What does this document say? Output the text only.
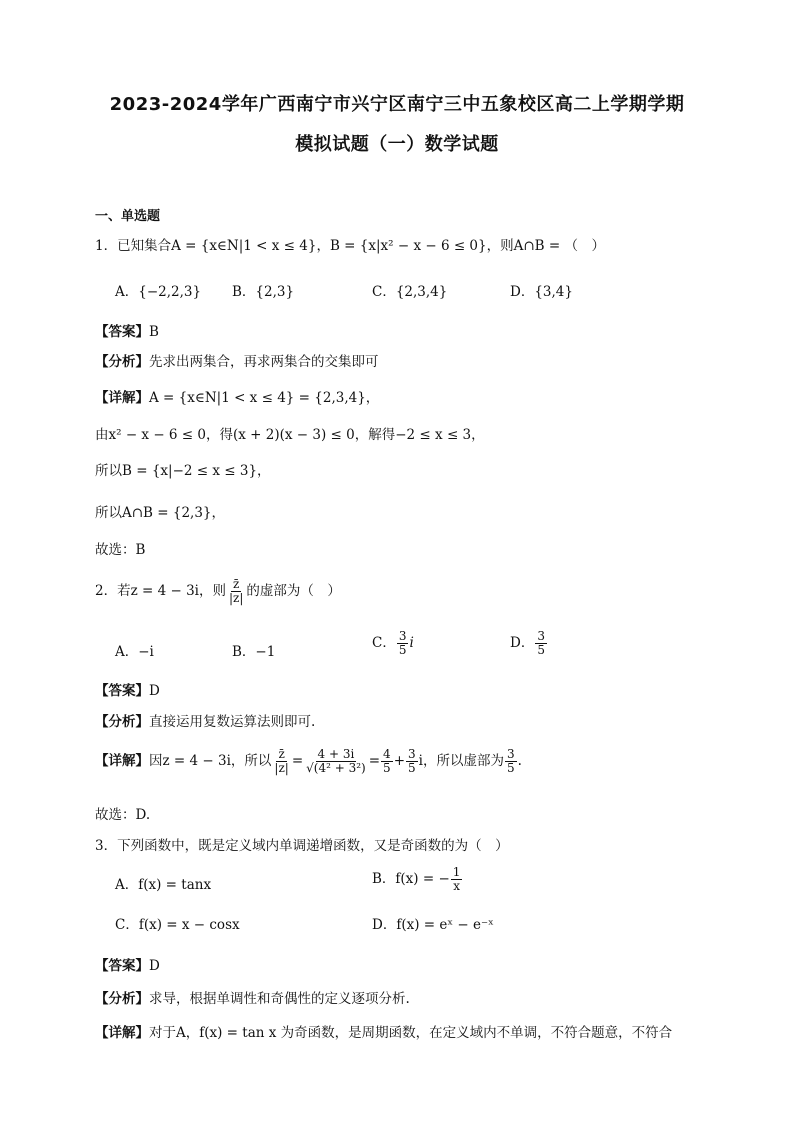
2023-2024学年广西南宁市兴宁区南宁三中五象校区高二上学期学期
模拟试题（一）数学试题
一、单选题
1．已知集合A = {x∈N|1 < x ≤ 4}，B = {x|x² − x − 6 ≤ 0}，则A∩B = （　）
A．{−2,2,3} B．{2,3}	C．{2,3,4}	D．{3,4}
【答案】B
【分析】先求出两集合，再求两集合的交集即可
【详解】A = {x∈N|1 < x ≤ 4} = {2,3,4}，
由x² − x − 6 ≤ 0，得(x + 2)(x − 3) ≤ 0，解得−2 ≤ x ≤ 3，
所以B = {x|−2 ≤ x ≤ 3}，
所以A∩B = {2,3}，
故选：B
2．若z = 4 − 3i，则 $\frac{z̄}{|z|}$ 的虚部为（　）
A．−i	B．−1
C． $\frac{3}{5}$ i	D． $\frac{3}{5}$
【答案】D
【分析】直接运用复数运算法则即可.
【详解】因z = 4 − 3i，所以 $\frac{z̄}{|z|} = \frac{4 + 3i}{\text{√(4² + 3²)}} = \frac{4}{5} + \frac{3}{5}$ i，所以虚部为 $\frac{3}{5}$ .
故选：D.
3．下列函数中，既是定义域内单调递增函数，又是奇函数的为（　）
A．f(x) = tanx	B．f(x) = − $\frac{1}{x}$
C．f(x) = x − cosx	D．f(x) = eˣ − e⁻ˣ
【答案】D
【分析】求导，根据单调性和奇偶性的定义逐项分析.
【详解】对于A，f(x) = tan x 为奇函数，是周期函数，在定义域内不单调，不符合题意，不符合
